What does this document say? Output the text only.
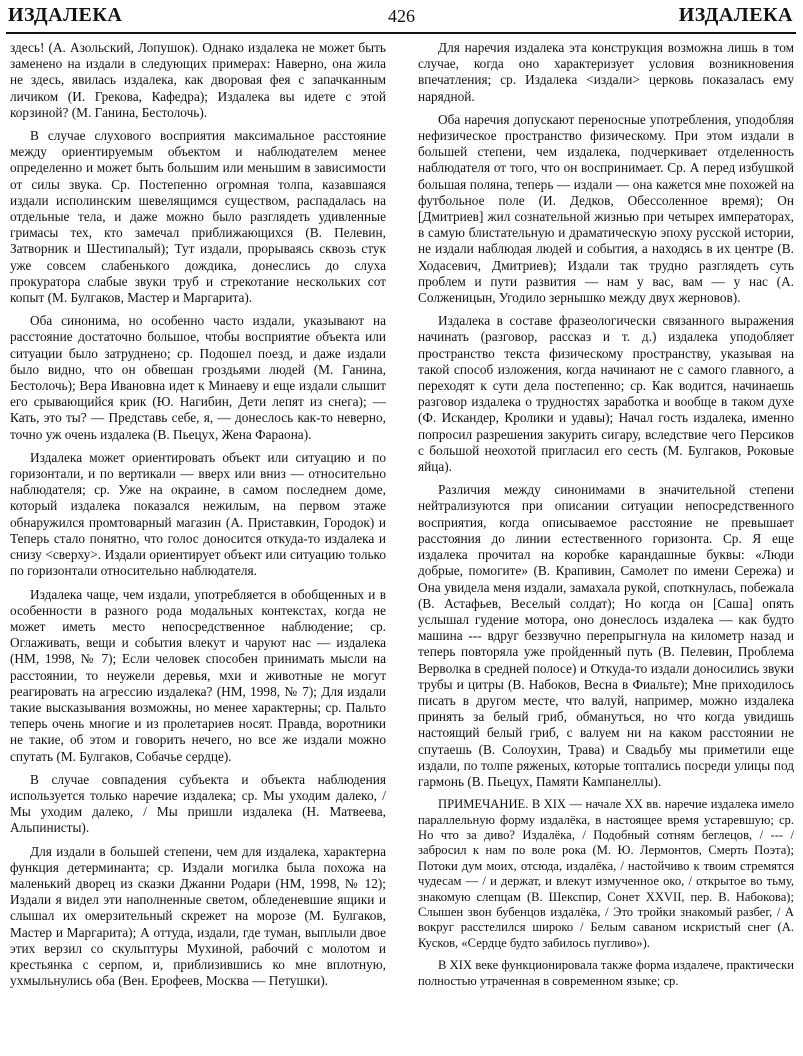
ИЗДАЛЕКА	426	ИЗДАЛЕКА

здесь! (А. Азольский, Лопушок). Однако издалека не может быть заменено на издали в следующих примерах: Наверно, она жила не здесь, явилась издалека, как дворовая фея с запачканным личиком (И. Грекова, Кафедра); Издалека вы идете с этой корзиной? (М. Ганина, Бестолочь).

В случае слухового восприятия максимальное расстояние между ориентируемым объектом и наблюдателем менее определенно и может быть большим или меньшим в зависимости от силы звука. Ср. Постепенно огромная толпа, казавшаяся издали исполинским шевелящимся существом, распадалась на отдельные тела, и даже можно было разглядеть удивленные гримасы тех, кто замечал приближающихся (В. Пелевин, Затворник и Шестипалый); Тут издали, прорываясь сквозь стук уже совсем слабенького дождика, донеслись до слуха прокуратора слабые звуки труб и стрекотание нескольких сот копыт (М. Булгаков, Мастер и Маргарита).

Оба синонима, но особенно часто издали, указывают на расстояние достаточно большое, чтобы восприятие объекта или ситуации было затруднено; ср. Подошел поезд, и даже издали было видно, что он обвешан гроздьями людей (М. Ганина, Бестолочь); Вера Ивановна идет к Минаеву и еще издали слышит его срывающийся крик (Ю. Нагибин, Дети лепят из снега); — Кать, это ты? — Представь себе, я, — донеслось как-то неверно, точно уж очень издалека (В. Пьецух, Жена Фараона).

Издалека может ориентировать объект или ситуацию и по горизонтали, и по вертикали — вверх или вниз — относительно наблюдателя; ср. Уже на окраине, в самом последнем доме, который издалека показался нежилым, на первом этаже обнаружился промтоварный магазин (А. Приставкин, Городок) и Теперь стало понятно, что голос доносится откуда-то издалека и снизу <сверху>. Издали ориентирует объект или ситуацию только по горизонтали относительно наблюдателя.

Издалека чаще, чем издали, употребляется в обобщенных и в особенности в разного рода модальных контекстах, когда не может иметь место непосредственное наблюдение; ср. Оглаживать, вещи и события влекут и чаруют нас — издалека (НМ, 1998, № 7); Если человек способен принимать мысли на расстоянии, то неужели деревья, мхи и животные не могут реагировать на агрессию издалека? (НМ, 1998, № 7); Для издали такие высказывания возможны, но менее характерны; ср. Пальто теперь очень многие и из пролетариев носят. Правда, воротники не такие, об этом и говорить нечего, но все же издали можно спутать (М. Булгаков, Собачье сердце).

В случае совпадения субъекта и объекта наблюдения используется только наречие издалека; ср. Мы уходим далеко, / Мы уходим далеко, / Мы пришли издалека (Н. Матвеева, Альпинисты).

Для издали в большей степени, чем для издалека, характерна функция детерминанта; ср. Издали могилка была похожа на маленький дворец из сказки Джанни Родари (НМ, 1998, № 12); Издали я видел эти наполненные светом, обледеневшие ящики и слышал их омерзительный скрежет на морозе (М. Булгаков, Мастер и Маргарита); А оттуда, издали, где туман, выплыли двое этих верзил со скульптуры Мухиной, рабочий с молотом и крестьянка с серпом, и, приблизившись ко мне вплотную, ухмыльнулись оба (Вен. Ерофеев, Москва — Петушки).

Для наречия издалека эта конструкция возможна лишь в том случае, когда оно характеризует условия возникновения впечатления; ср. Издалека <издали> церковь показалась ему нарядной.

Оба наречия допускают переносные употребления, уподобляя нефизическое пространство физическому. При этом издали в большей степени, чем издалека, подчеркивает отделенность наблюдателя от того, что он воспринимает. Ср. А перед избушкой большая поляна, теперь — издали — она кажется мне похожей на футбольное поле (И. Дедков, Обессоленное время); Он [Дмитриев] жил сознательной жизнью при четырех императорах, в самую блистательную и драматическую эпоху русской истории, не издали наблюдая людей и события, а находясь в их центре (В. Ходасевич, Дмитриев); Издали так трудно разглядеть суть проблем и пути развития — нам у вас, вам — у нас (А. Солженицын, Угодило зернышко между двух жерновов).

Издалека в составе фразеологически связанного выражения начинать (разговор, рассказ и т. д.) издалека уподобляет пространство текста физическому пространству, указывая на такой способ изложения, когда начинают не с самого главного, а переходят к сути дела постепенно; ср. Как водится, начинаешь разговор издалека о трудностях заработка и вообще в таком духе (Ф. Искандер, Кролики и удавы); Начал гость издалека, именно попросил разрешения закурить сигару, вследствие чего Персиков с большой неохотой пригласил его сесть (М. Булгаков, Роковые яйца).

Различия между синонимами в значительной степени нейтрализуются при описании ситуации непосредственного восприятия, когда описываемое расстояние не превышает расстояния до линии естественного горизонта. Ср. Я еще издалека прочитал на коробке карандашные буквы: «Люди добрые, помогите» (В. Крапивин, Самолет по имени Сережа) и Она увидела меня издали, замахала рукой, споткнулась, побежала (В. Астафьев, Веселый солдат); Но когда он [Саша] опять услышал гудение мотора, оно донеслось издалека — как будто машина --- вдруг беззвучно перепрыгнула на километр назад и теперь повторяла уже пройденный путь (В. Пелевин, Проблема Верволка в средней полосе) и Откуда-то издали доносились звуки трубы и цитры (В. Набоков, Весна в Фиальте); Мне приходилось писать в другом месте, что валуй, например, можно издалека принять за белый гриб, обмануться, но что когда увидишь настоящий белый гриб, с валуем ни на каком расстоянии не спутаешь (В. Солоухин, Трава) и Свадьбу мы приметили еще издали, по толпе ряженых, которые топтались посреди улицы под гармонь (В. Пьецух, Памяти Кампанеллы).

ПРИМЕЧАНИЕ. В XIX — начале XX вв. наречие издалека имело параллельную форму издалёка, в настоящее время устаревшую; ср. Но что за диво? Издалёка, / Подобный сотням беглецов, / --- / забросил к нам по воле рока (М. Ю. Лермонтов, Смерть Поэта); Потоки дум моих, отсюда, издалёка, / настойчиво к твоим стремятся чудесам — / и держат, и влекут измученное око, / открытое во тьму, знакомую слепцам (В. Шекспир, Сонет XXVII, пер. В. Набокова); Слышен звон бубенцов издалёка, / Это тройки знакомый разбег, / А вокруг расстелился широко / Белым саваном искристый снег (А. Кусков, «Сердце будто забилось пугливо»).

В XIX веке функционировала также форма издалече, практически полностью утраченная в современном языке; ср.
